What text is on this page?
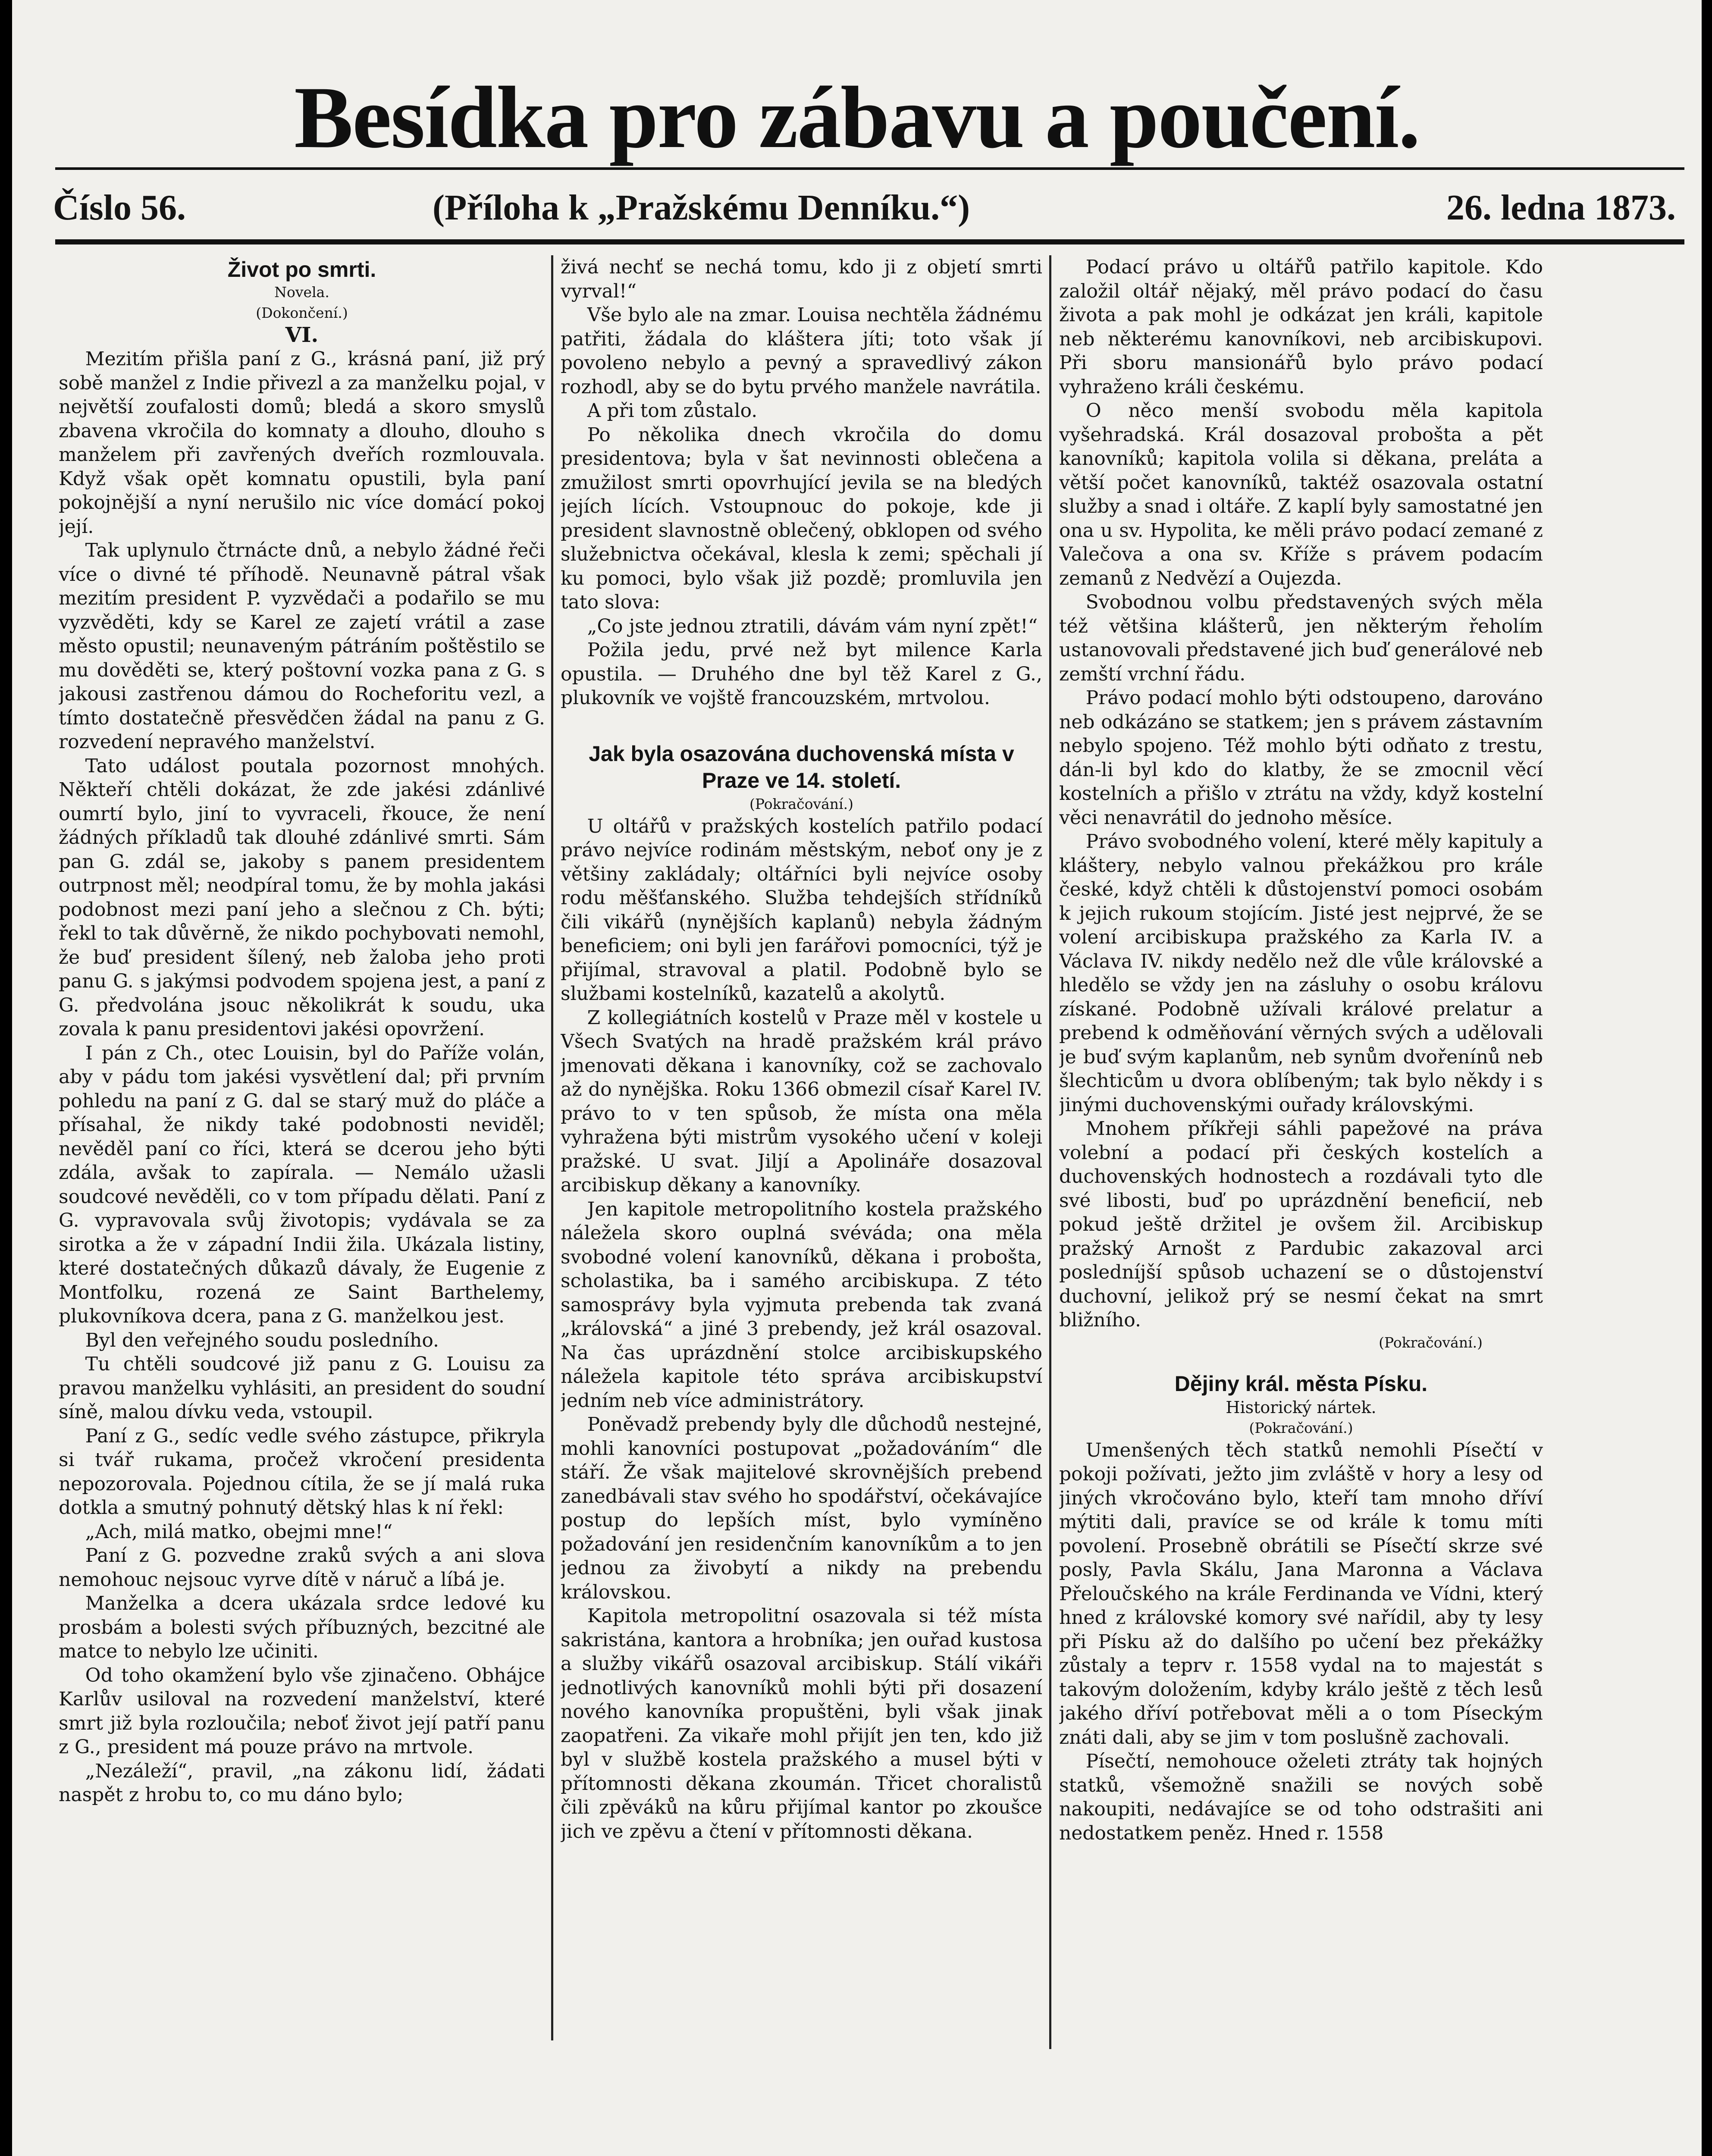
Besídka pro zábavu a poučení.
Číslo 56.	(Příloha k „Pražskému Denníku.“)	26. ledna 1873.
Život po smrti.
Novela.
(Dokončení.)
VI.

Mezitím přišla paní z G., krásná paní, již prý sobě manžel z Indie přivezl a za manželku pojal, v největší zoufalosti domů; bledá a skoro smyslů zbavena vkročila do komnaty a dlouho, dlouho s manželem při zavřených dveřích rozmlouvala. Když však opět komnatu opustili, byla paní pokojnější a nyní nerušilo nic více domácí pokoj její.

Tak uplynulo čtrnácte dnů, a nebylo žádné řeči více o divné té příhodě. Neunavně pátral však mezitím president P. vyzvědači a podařilo se mu vyzvěděti, kdy se Karel ze zajetí vrátil a zase město opustil; neunaveným pátráním poštěstilo se mu dověděti se, který poštovní vozka pana z G. s jakousi zastřenou dámou do Rocheforitu vezl, a tímto dostatečně přesvědčen žádal na panu z G. rozvedení nepravého manželství.

Tato událost poutala pozornost mnohých. Někteří chtěli dokázat, že zde jakési zdánlivé oumrtí bylo, jiní to vyvraceli, řkouce, že není žádných příkladů tak dlouhé zdánlivé smrti. Sám pan G. zdál se, jakoby s panem presidentem outrpnost měl; neodpíral tomu, že by mohla jakási podobnost mezi paní jeho a slečnou z Ch. býti; řekl to tak důvěrně, že nikdo pochybovati nemohl, že buď president šílený, neb žaloba jeho proti panu G. s jakýmsi podvodem spojena jest, a paní z G. předvolána jsouc několikrát k soudu, uka zovala k panu presidentovi jakési opovržení.

I pán z Ch., otec Louisin, byl do Paříže volán, aby v pádu tom jakési vysvětlení dal; při prvním pohledu na paní z G. dal se starý muž do pláče a přísahal, že nikdy také podobnosti neviděl; nevěděl paní co říci, která se dcerou jeho býti zdála, avšak to zapírala. — Nemálo užasli soudcové nevěděli, co v tom případu dělati. Paní z G. vypravovala svůj životopis; vydávala se za sirotka a že v západní Indii žila. Ukázala listiny, které dostatečných důkazů dávaly, že Eugenie z Montfolku, rozená ze Saint Barthelemy, plukovníkova dcera, pana z G. manželkou jest.

Byl den veřejného soudu posledního.

Tu chtěli soudcové již panu z G. Louisu za pravou manželku vyhlásiti, an president do soudní síně, malou dívku veda, vstoupil.

Paní z G., sedíc vedle svého zástupce, přikryla si tvář rukama, pročež vkročení presidenta nepozorovala. Pojednou cítila, že se jí malá ruka dotkla a smutný pohnutý dětský hlas k ní řekl:

„Ach, milá matko, obejmi mne!“

Paní z G. pozvedne zraků svých a ani slova nemohouc nejsouc vyrve dítě v náruč a líbá je.

Manželka a dcera ukázala srdce ledové ku prosbám a bolesti svých příbuzných, bezcitné ale matce to nebylo lze učiniti.

Od toho okamžení bylo vše zjinačeno. Obhájce Karlův usiloval na rozvedení manželství, které smrt již byla rozloučila; neboť život její patří panu z G., president má pouze právo na mrtvole.

„Nezáleží“, pravil, „na zákonu lidí, žádati naspět z hrobu to, co mu dáno bylo;

živá nechť se nechá tomu, kdo ji z objetí smrti vyrval!“

Vše bylo ale na zmar. Louisa nechtěla žádnému patřiti, žádala do kláštera jíti; toto však jí povoleno nebylo a pevný a spravedlivý zákon rozhodl, aby se do bytu prvého manžele navrátila.

A při tom zůstalo.

Po několika dnech vkročila do domu presidentova; byla v šat nevinnosti oblečena a zmužilost smrti opovrhující jevila se na bledých jejích lících. Vstoupnouc do pokoje, kde ji president slavnostně oblečený, obklopen od svého služebnictva očekával, klesla k zemi; spěchali jí ku pomoci, bylo však již pozdě; promluvila jen tato slova:

„Co jste jednou ztratili, dávám vám nyní zpět!“

Požila jedu, prvé než byt milence Karla opustila. — Druhého dne byl těž Karel z G., plukovník ve vojště francouzském, mrtvolou.

Jak byla osazována duchovenská místa v Praze ve 14. století.
(Pokračování.)

U oltářů v pražských kostelích patřilo podací právo nejvíce rodinám městským, neboť ony je z většiny zakládaly; oltářníci byli nejvíce osoby rodu měšťanského. Služba tehdejších střídníků čili vikářů (nynějších kaplanů) nebyla žádným beneficiem; oni byli jen farářovi pomocníci, týž je přijímal, stravoval a platil. Podobně bylo se službami kostelníků, kazatelů a akolytů.

Z kollegiátních kostelů v Praze měl v kostele u Všech Svatých na hradě pražském král právo jmenovati děkana i kanovníky, což se zachovalo až do nynějška. Roku 1366 obmezil císař Karel IV. právo to v ten spůsob, že místa ona měla vyhražena býti mistrům vysokého učení v koleji pražské. U svat. Jiljí a Apolináře dosazoval arcibiskup děkany a kanovníky.

Jen kapitole metropolitního kostela pražského náležela skoro ouplná svéváda; ona měla svobodné volení kanovníků, děkana i proboštа, scholastika, ba i samého arcibiskupa. Z této samosprávy byla vyjmuta prebenda tak zvaná „královská“ a jiné 3 prebendy, jež král osazoval. Na čas uprázdnění stolce arcibiskupského náležela kapitole této správa arcibiskupství jedním neb více administrátory.

Poněvadž prebendy byly dle důchodů nestejné, mohli kanovníci postupovat „požadováním“ dle stáří. Že však majitelové skrovnějších prebend zanedbávali stav svého ho spodářství, očekávajíce postup do lepších míst, bylo vymíněno požadování jen residenčním kanovníkům a to jen jednou za živobytí a nikdy na prebendu královskou.

Kapitola metropolitní osazovala si též místa sakristána, kantora a hrobníka; jen ouřad kustosa a služby vikářů osazoval arcibiskup. Stálí vikáři jednotlivých kanovníků mohli býti při dosazení nového kanovníka propuštěni, byli však jinak zaopatřeni. Za vikaře mohl přijít jen ten, kdo již byl v službě kostela pražského a musel býti v přítomnosti děkana zkoumán. Třicet choralistů čili zpěváků na kůru přijímal kantor po zkoušce jich ve zpěvu a čtení v přítomnosti děkana.

Podací právo u oltářů patřilo kapitole. Kdo založil oltář nějaký, měl právo podací do času života a pak mohl je odkázat jen králi, kapitole neb některému kanovníkovi, neb arcibiskupovi. Při sboru mansionářů bylo právo podací vyhraženo králi českému.

O něco menší svobodu měla kapitola vyšehradská. Král dosazoval probošta a pět kanovníků; kapitola volila si děkana, preláta a větší počet kanovníků, taktéž osazovala ostatní služby a snad i oltáře. Z kaplí byly samostatné jen ona u sv. Hypolita, ke měli právo podací zemané z Valečova a ona sv. Kříže s právem podacím zemanů z Nedvězí a Oujezda.

Svobodnou volbu představených svých měla též většina klášterů, jen některým řeholím ustanovovali představené jich buď generálové neb zemští vrchní řádu.

Právo podací mohlo býti odstoupeno, darováno neb odkázáno se statkem; jen s právem zástavním nebylo spojeno. Též mohlo býti odňato z trestu, dán-li byl kdo do klatby, že se zmocnil věcí kostelních a přišlo v ztrátu na vždy, když kostelní věci nenavrátil do jednoho měsíce.

Právo svobodného volení, které měly kapituly a kláštery, nebylo valnou překážkou pro krále české, když chtěli k důstojenství pomoci osobám k jejich rukoum stojícím. Jisté jest nejprvé, že se volení arcibiskupa pražského za Karla IV. a Václava IV. nikdy nedělo než dle vůle královské a hledělo se vždy jen na zásluhy o osobu královu získané. Podobně užívali králové prelatur a prebend k odměňování věrných svých a udělovali je buď svým kaplanům, neb synům dvořenínů neb šlechticům u dvora oblíbeným; tak bylo někdy i s jinými duchovenskými ouřady královskými.

Mnohem příkřeji sáhli papežové na práva volební a podací při českých kostelích a duchovenských hodnostech a rozdávali tyto dle své libosti, buď po uprázdnění beneficií, neb pokud ještě držitel je ovšem žil. Arcibiskup pražský Arnošt z Pardubic zakazoval arci posledníjší spůsob uchazení se o důstojenství duchovní, jelikož prý se nesmí čekat na smrt bližního.

(Pokračování.)
Dějiny král. města Písku.
Historický nártek.
(Pokračování.)

Umenšených těch statků nemohli Písečtí v pokoji požívati, ježto jim zvláště v hory a lesy od jiných vkročováno bylo, kteří tam mnoho dříví mýtiti dali, pravíce se od krále k tomu míti povolení. Prosebně obrátili se Písečtí skrze své posly, Pavla Skálu, Jana Maronna a Václava Přeloučského na krále Ferdinanda ve Vídni, který hned z královské komory své nařídil, aby ty lesy při Písku až do dalšího po učení bez překážky zůstaly a teprv r. 1558 vydal na to majestát s takovým doložením, kdyby králo ještě z těch lesů jakého dříví potřebovat měli a o tom Píseckým znáti dali, aby se jim v tom poslušně zachovali.

Písečtí, nemohouce oželeti ztráty tak hojných statků, všemožně snažili se nových sobě nakoupiti, nedávajíce se od toho odstrašiti ani nedostatkem peněz. Hned r. 1558
